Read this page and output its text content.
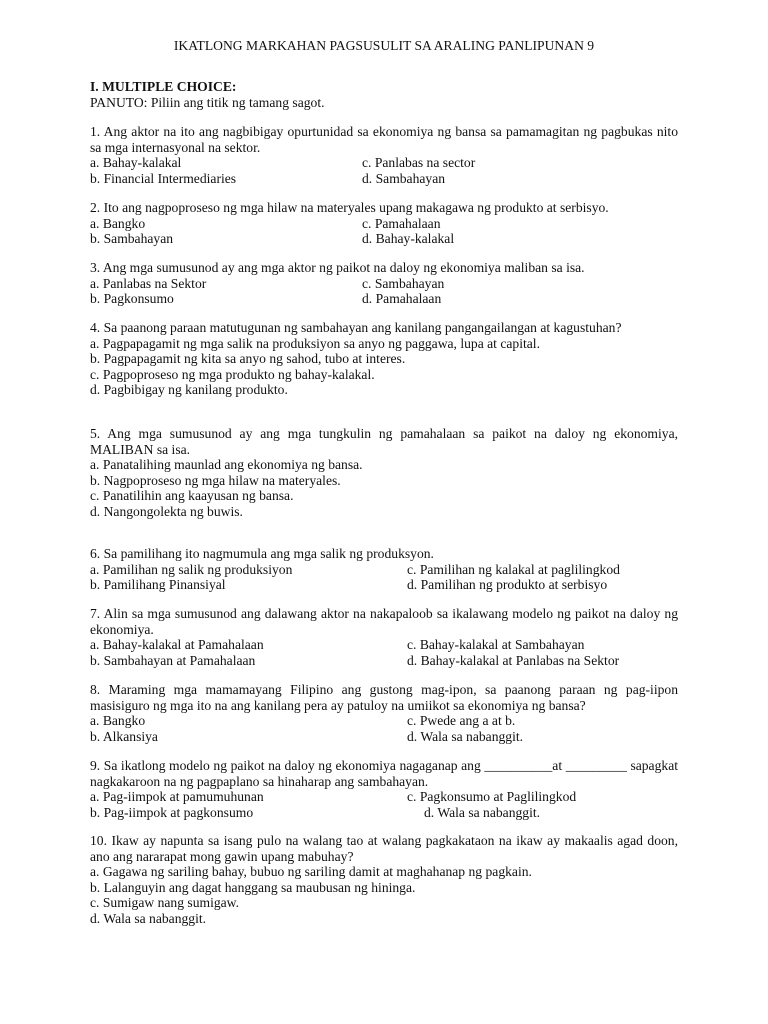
IKATLONG MARKAHAN PAGSUSULIT SA ARALING PANLIPUNAN 9
I. MULTIPLE CHOICE:
PANUTO: Piliin ang titik ng tamang sagot.
1. Ang aktor na ito ang nagbibigay opurtunidad sa ekonomiya ng bansa sa pamamagitan ng pagbukas nito sa mga internasyonal na sektor.
a. Bahay-kalakal	c. Panlabas na sector
b. Financial Intermediaries	d. Sambahayan
2. Ito ang nagpoproseso ng mga hilaw na materyales upang makagawa ng produkto at serbisyo.
a. Bangko	c. Pamahalaan
b. Sambahayan	d. Bahay-kalakal
3. Ang mga sumusunod ay ang mga aktor ng paikot na daloy ng ekonomiya maliban sa isa.
a. Panlabas na Sektor	c. Sambahayan
b. Pagkonsumo	d. Pamahalaan
4. Sa paanong paraan matutugunan ng sambahayan ang kanilang pangangailangan at kagustuhan?
a. Pagpapagamit ng mga salik na produksiyon sa anyo ng paggawa, lupa at capital.
b. Pagpapagamit ng kita sa anyo ng sahod, tubo at interes.
c. Pagpoproseso ng mga produkto ng bahay-kalakal.
d. Pagbibigay ng kanilang produkto.
5. Ang mga sumusunod ay ang mga tungkulin ng pamahalaan sa paikot na daloy ng ekonomiya, MALIBAN sa isa.
a. Panatalihing maunlad ang ekonomiya ng bansa.
b. Nagpoproseso ng mga hilaw na materyales.
c. Panatilihin ang kaayusan ng bansa.
d. Nangongolekta ng buwis.
6. Sa pamilihang ito nagmumula ang mga salik ng produksyon.
a. Pamilihan ng salik ng produksiyon	c. Pamilihan ng kalakal at paglilingkod
b. Pamilihang Pinansiyal	d. Pamilihan ng produkto at serbisyo
7. Alin sa mga sumusunod ang dalawang aktor na nakapaloob sa ikalawang modelo ng paikot na daloy ng ekonomiya.
a. Bahay-kalakal at Pamahalaan	c. Bahay-kalakal at Sambahayan
b. Sambahayan at Pamahalaan	d. Bahay-kalakal at Panlabas na Sektor
8. Maraming mga mamamayang Filipino ang gustong mag-ipon, sa paanong paraan ng pag-iipon masisiguro ng mga ito na ang kanilang pera ay patuloy na umiikot sa ekonomiya ng bansa?
a. Bangko	c. Pwede ang a at b.
b. Alkansiya	d. Wala sa nabanggit.
9. Sa ikatlong modelo ng paikot na daloy ng ekonomiya nagaganap ang __________at _________ sapagkat nagkakaroon na ng pagpaplano sa hinaharap ang sambahayan.
a. Pag-iimpok at pamumuhunan	c. Pagkonsumo at Paglilingkod
b. Pag-iimpok at pagkonsumo	d. Wala sa nabanggit.
10. Ikaw ay napunta sa isang pulo na walang tao at walang pagkakataon na ikaw ay makaalis agad doon, ano ang nararapat mong gawin upang mabuhay?
a. Gagawa ng sariling bahay, bubuo ng sariling damit at maghahanap ng pagkain.
b. Lalanguyin ang dagat hanggang sa maubusan ng hininga.
c. Sumigaw nang sumigaw.
d. Wala sa nabanggit.
